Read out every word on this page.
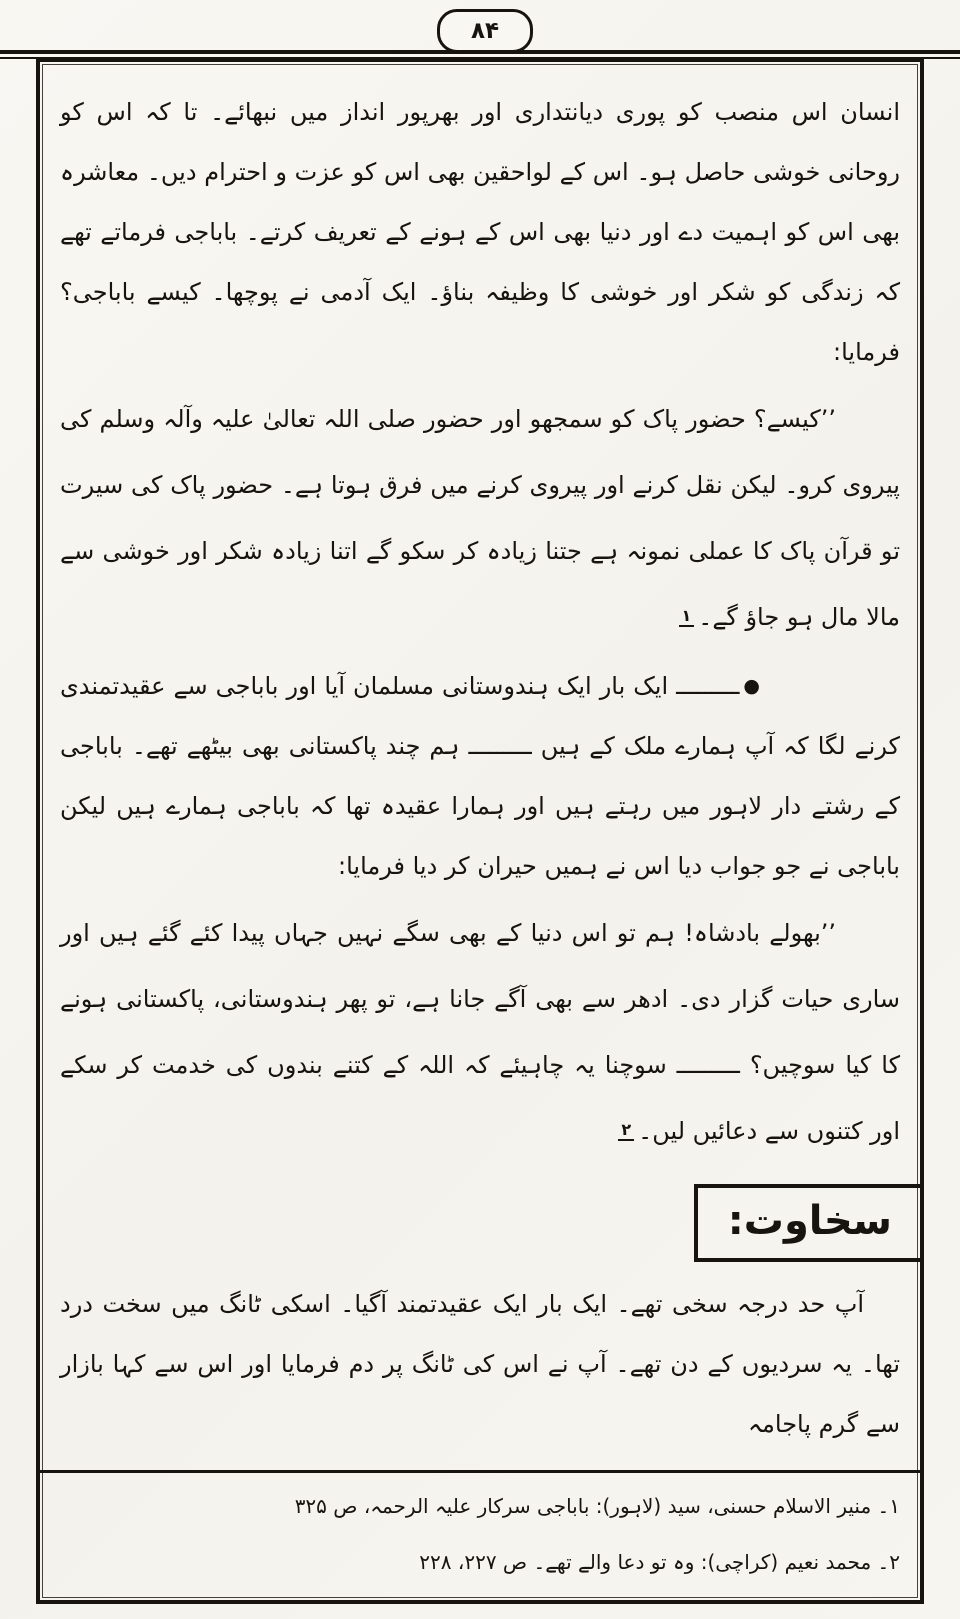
۸۴

انسان اس منصب کو پوری دیانتداری اور بھرپور انداز میں نبھائے۔ تا کہ اس کو روحانی خوشی حاصل ہو۔ اس کے لواحقین بھی اس کو عزت و احترام دیں۔ معاشرہ بھی اس کو اہمیت دے اور دنیا بھی اس کے ہونے کے تعریف کرتے۔ باباجی فرماتے تھے کہ زندگی کو شکر اور خوشی کا وظیفہ بناؤ۔ ایک آدمی نے پوچھا۔ کیسے باباجی؟ فرمایا:

’’کیسے؟ حضور پاک کو سمجھو اور حضور صلی اللہ تعالیٰ علیہ وآلہ وسلم کی پیروی کرو۔ لیکن نقل کرنے اور پیروی کرنے میں فرق ہوتا ہے۔ حضور پاک کی سیرت تو قرآن پاک کا عملی نمونہ ہے جتنا زیادہ کر سکو گے اتنا زیادہ شکر اور خوشی سے مالا مال ہو جاؤ گے۔۱

●ـــــــــ ایک بار ایک ہندوستانی مسلمان آیا اور باباجی سے عقیدتمندی کرنے لگا کہ آپ ہمارے ملک کے ہیں ـــــــــ ہم چند پاکستانی بھی بیٹھے تھے۔ باباجی کے رشتے دار لاہور میں رہتے ہیں اور ہمارا عقیدہ تھا کہ باباجی ہمارے ہیں لیکن باباجی نے جو جواب دیا اس نے ہمیں حیران کر دیا فرمایا:

’’بھولے بادشاہ! ہم تو اس دنیا کے بھی سگے نہیں جہاں پیدا کئے گئے ہیں اور ساری حیات گزار دی۔ ادھر سے بھی آگے جانا ہے، تو پھر ہندوستانی، پاکستانی ہونے کا کیا سوچیں؟ ـــــــــ سوچنا یہ چاہیئے کہ اللہ کے کتنے بندوں کی خدمت کر سکے اور کتنوں سے دعائیں لیں۔۲

سخاوت:

آپ حد درجہ سخی تھے۔ ایک بار ایک عقیدتمند آگیا۔ اسکی ٹانگ میں سخت درد تھا۔ یہ سردیوں کے دن تھے۔ آپ نے اس کی ٹانگ پر دم فرمایا اور اس سے کہا بازار سے گرم پاجامہ

۱۔ منیر الاسلام حسنی، سید (لاہور): باباجی سرکار علیہ الرحمہ، ص ۳۲۵

۲۔ محمد نعیم (کراچی): وہ تو دعا والے تھے۔ ص ۲۲۷، ۲۲۸
